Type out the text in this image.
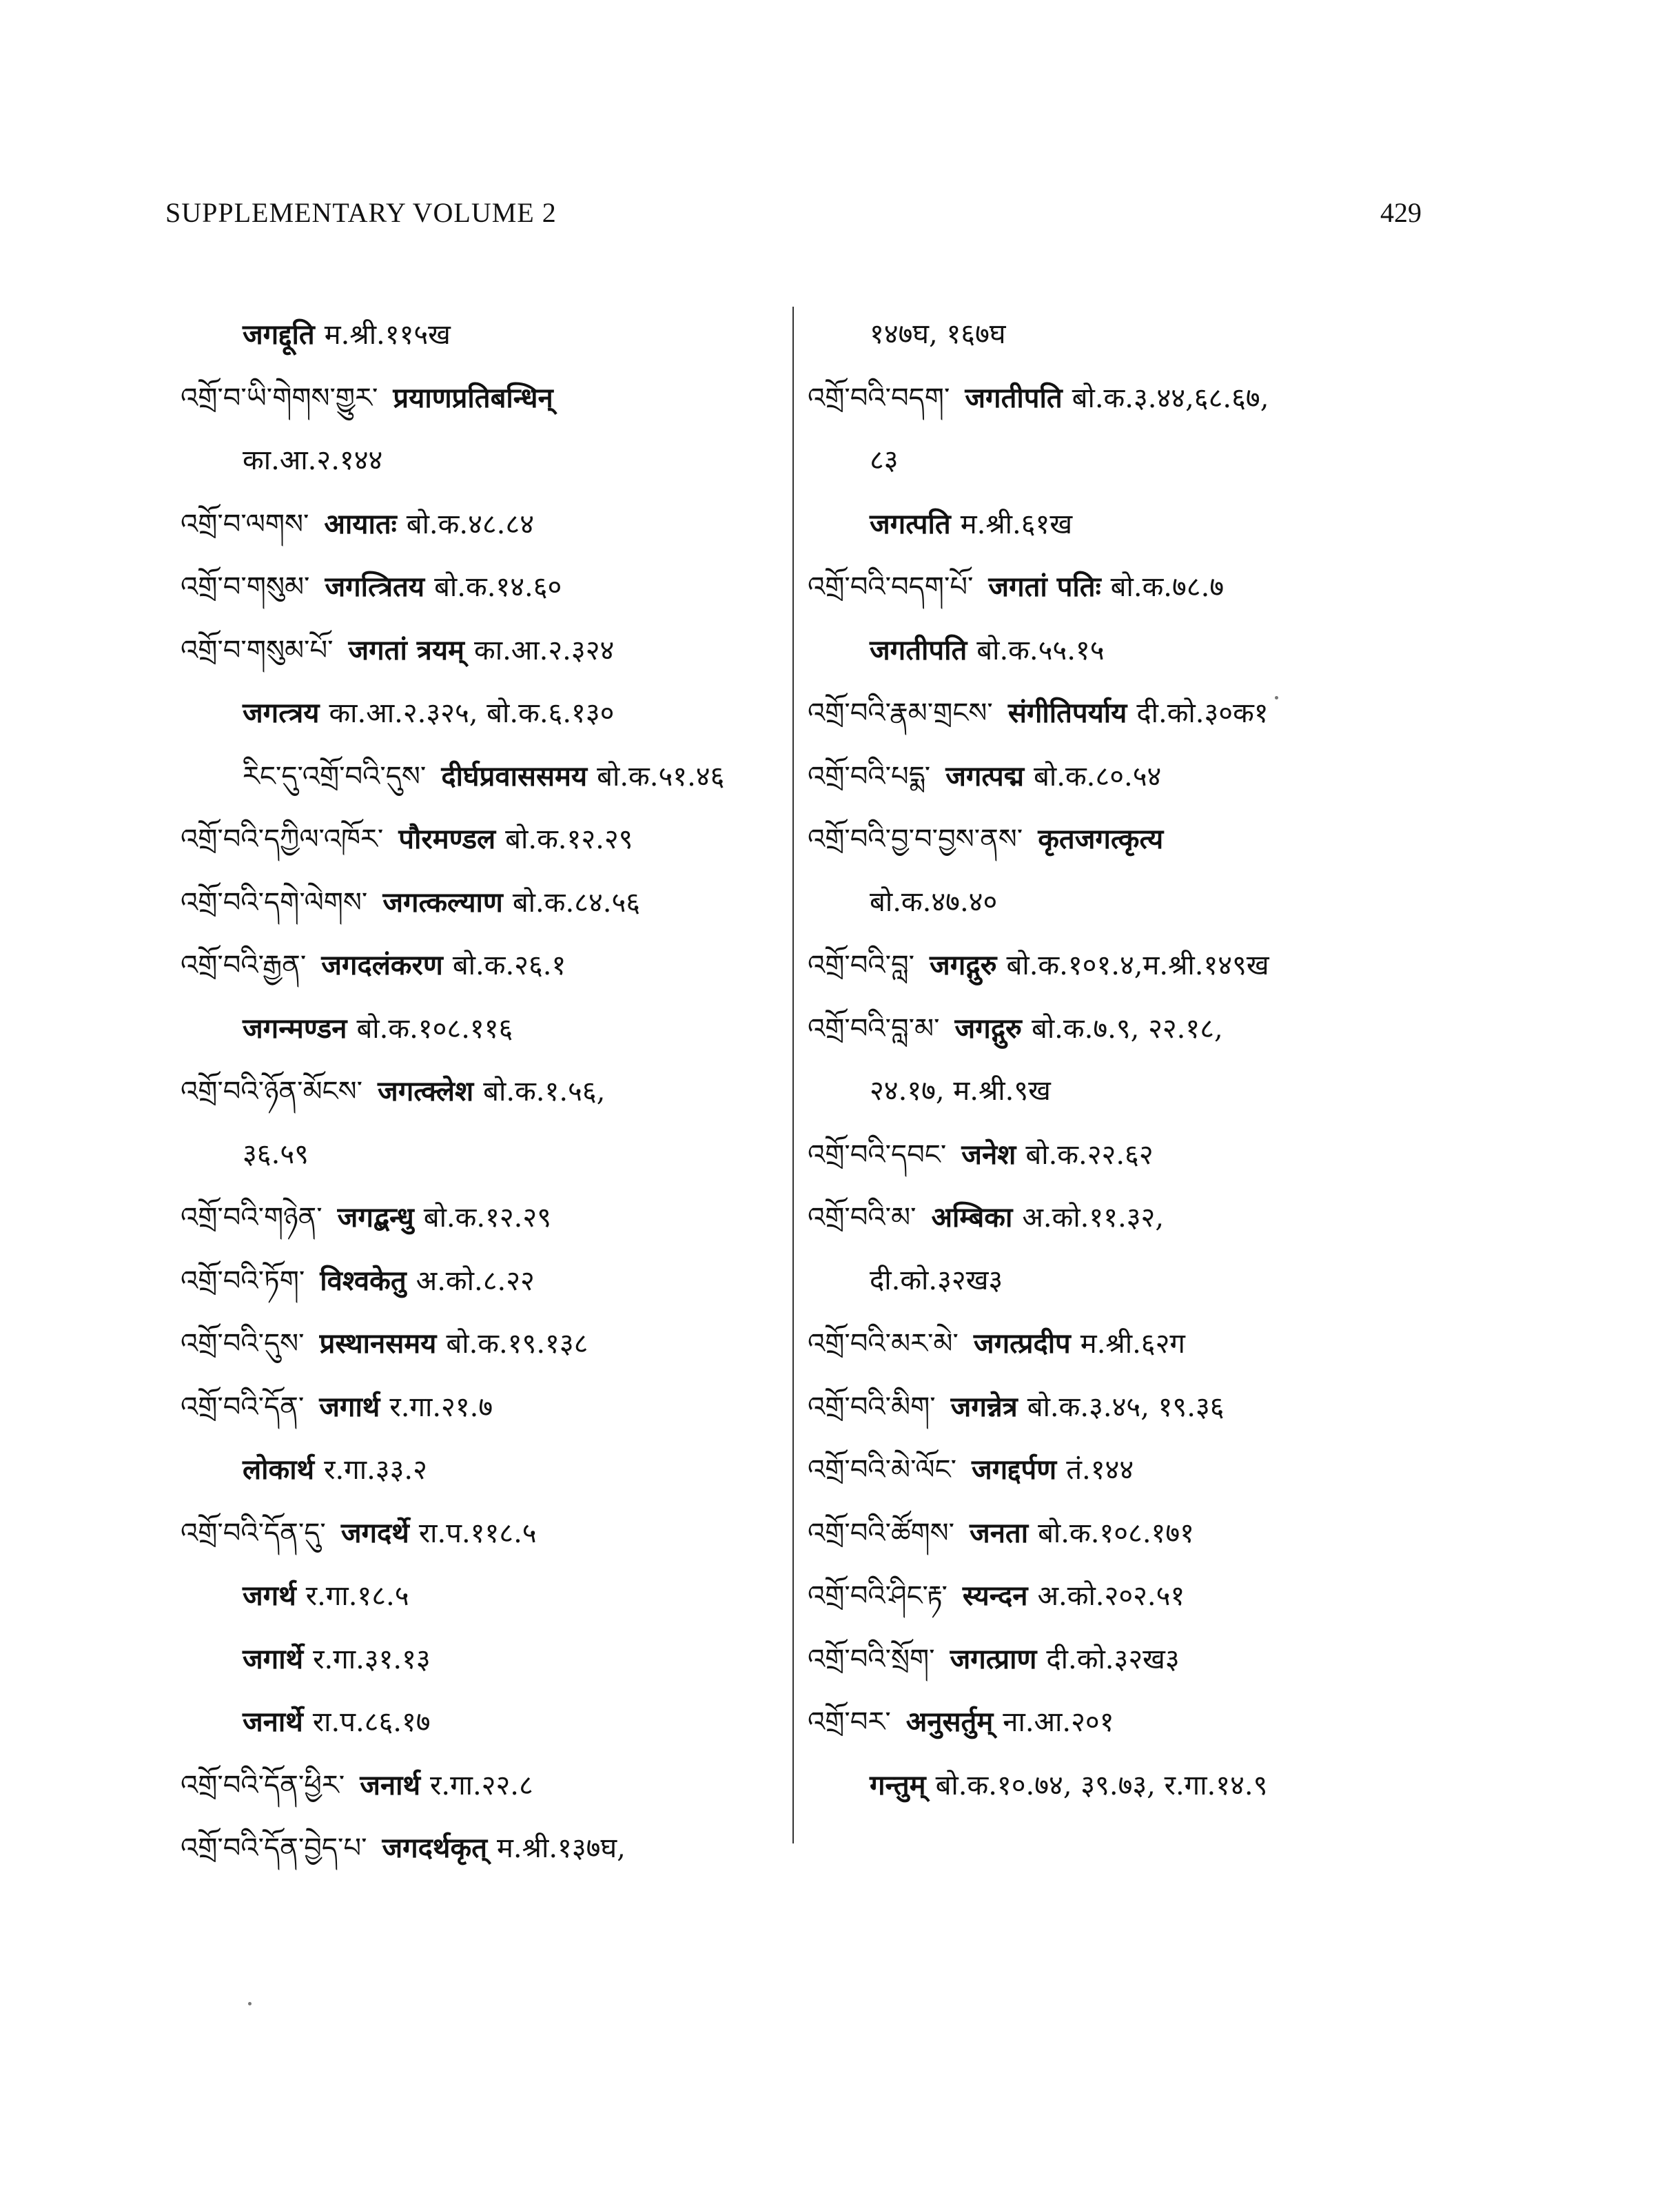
SUPPLEMENTARY VOLUME 2	429
जगद्दूति म.श्री.११५ख
འགྲོ་བ་ཡི་གེགས་གྱུར་ प्रयाणप्रतिबन्धिन्
का.आ.२.१४४
འགྲོ་བ་ལགས་ आयातः बो.क.४८.८४
འགྲོ་བ་གསུམ་ जगत्त्रितय बो.क.१४.६०
འགྲོ་བ་གསུམ་པོ་ जगतां त्रयम् का.आ.२.३२४
जगत्त्रय का.आ.२.३२५, बो.क.६.१३०
རིང་དུ་འགྲོ་བའི་དུས་ दीर्घप्रवाससमय बो.क.५१.४६
འགྲོ་བའི་དཀྱིལ་འཁོར་ पौरमण्डल बो.क.१२.२९
འགྲོ་བའི་དགེ་ལེགས་ जगत्कल्याण बो.क.८४.५६
འགྲོ་བའི་རྒྱན་ जगदलंकरण बो.क.२६.१
जगन्मण्डन बो.क.१०८.११६
འགྲོ་བའི་ཉོན་མོངས་ जगत्क्लेश बो.क.१.५६,
३६.५९
འགྲོ་བའི་གཉེན་ जगद्बन्धु बो.क.१२.२९
འགྲོ་བའི་ཏོག་ विश्वकेतु अ.को.८.२२
འགྲོ་བའི་དུས་ प्रस्थानसमय बो.क.१९.१३८
འགྲོ་བའི་དོན་ जगार्थ र.गा.२१.७
लोकार्थ र.गा.३३.२
འགྲོ་བའི་དོན་དུ་ जगदर्थे रा.प.११८.५
जगर्थ र.गा.१८.५
जगार्थे र.गा.३१.१३
जनार्थे रा.प.८६.१७
འགྲོ་བའི་དོན་ཕྱིར་ जनार्थ र.गा.२२.८
འགྲོ་བའི་དོན་བྱེད་པ་ जगदर्थकृत् म.श्री.१३७घ,
१४७घ, १६७घ
འགྲོ་བའི་བདག་ जगतीपति बो.क.३.४४,६८.६७,
८३
जगत्पति म.श्री.६१ख
འགྲོ་བའི་བདག་པོ་ जगतां पतिः बो.क.७८.७
जगतीपति बो.क.५५.१५
འགྲོ་བའི་རྣམ་གྲངས་ संगीतिपर्याय दी.को.३०क१
འགྲོ་བའི་པདྨ་ जगत्पद्म बो.क.८०.५४
འགྲོ་བའི་བྱ་བ་བྱས་ནས་ कृतजगत्कृत्य
बो.क.४७.४०
འགྲོ་བའི་བླ་ जगद्गुरु बो.क.१०१.४,म.श्री.१४९ख
འགྲོ་བའི་བླ་མ་ जगद्गुरु बो.क.७.९, २२.१८,
२४.१७, म.श्री.९ख
འགྲོ་བའི་དབང་ जनेश बो.क.२२.६२
འགྲོ་བའི་མ་ अम्बिका अ.को.११.३२,
दी.को.३२ख३
འགྲོ་བའི་མར་མེ་ जगत्प्रदीप म.श्री.६२ग
འགྲོ་བའི་མིག་ जगन्नेत्र बो.क.३.४५, १९.३६
འགྲོ་བའི་མེ་ལོང་ जगद्दर्पण तं.१४४
འགྲོ་བའི་ཚོགས་ जनता बो.क.१०८.१७१
འགྲོ་བའི་ཤིང་རྟ་ स्यन्दन अ.को.२०२.५१
འགྲོ་བའི་སྲོག་ जगत्प्राण दी.को.३२ख३
འགྲོ་བར་ अनुसर्तुम् ना.आ.२०१
गन्तुम् बो.क.१०.७४, ३९.७३, र.गा.१४.९
